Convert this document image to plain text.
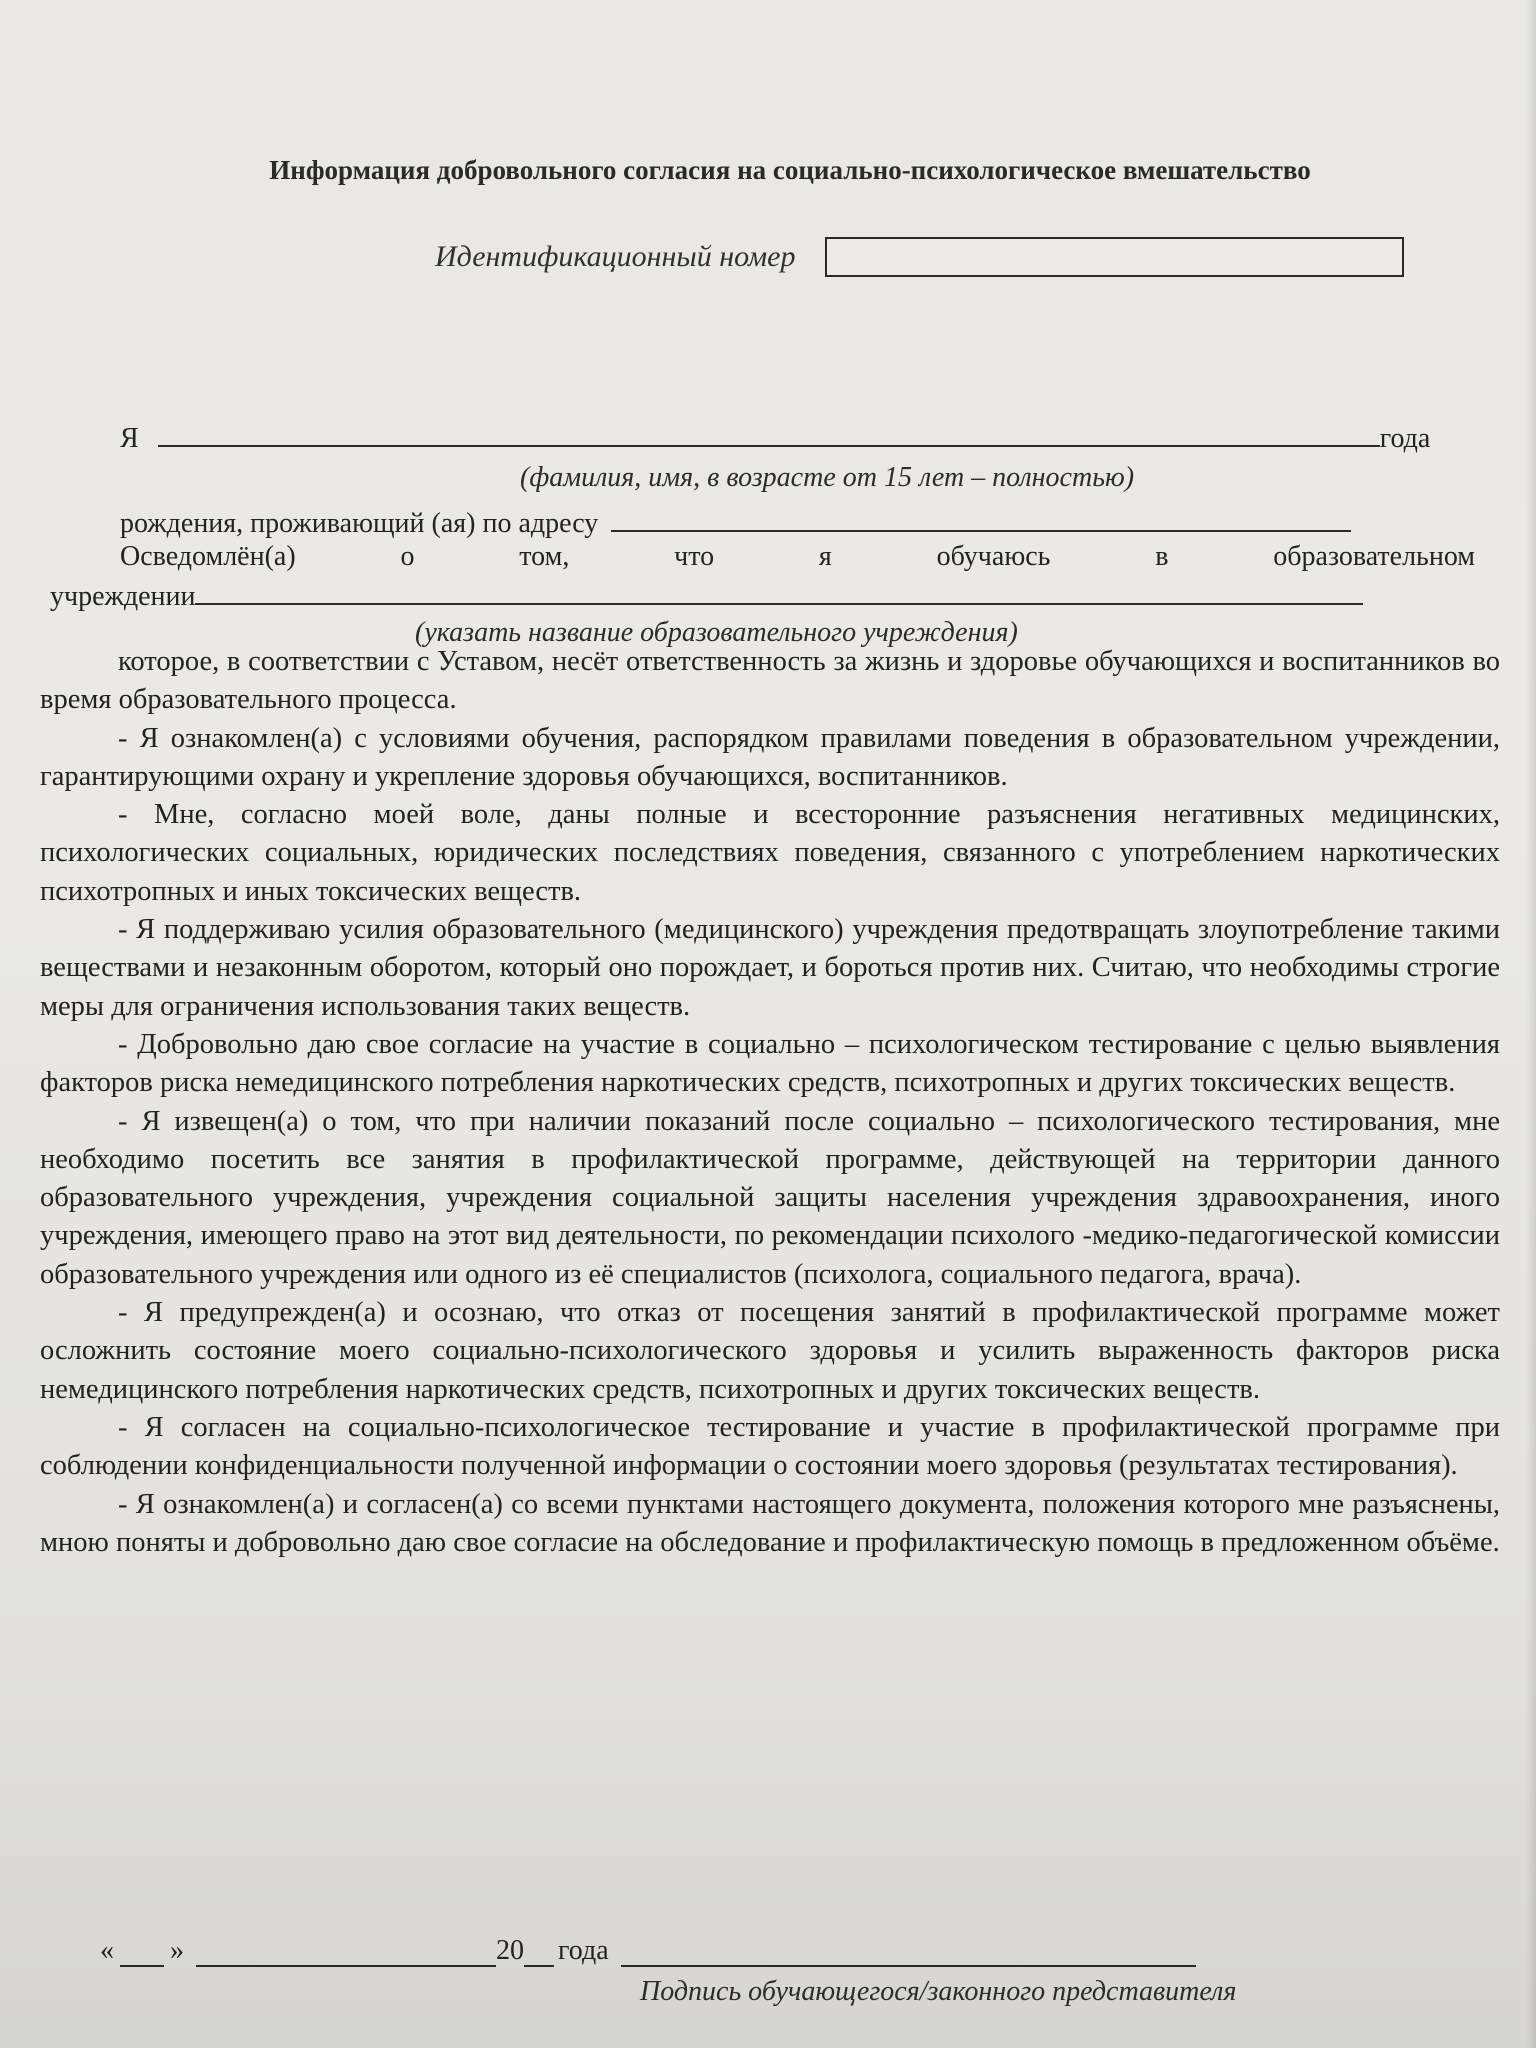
Информация добровольного согласия на социально-психологическое вмешательство
Идентификационный номер
Я	года
(фамилия, имя, в возрасте от 15 лет – полностью)
рождения, проживающий (ая) по адресу
Осведомлён(а)	о	том,	что	я	обучаюсь	в	образовательном
учреждении
(указать название образовательного учреждения)

которое, в соответствии с Уставом, несёт ответственность за жизнь и здоровье обучающихся и воспитанников во время образовательного процесса.

- Я ознакомлен(а) с условиями обучения, распорядком правилами поведения в образовательном учреждении, гарантирующими охрану и укрепление здоровья обучающихся, воспитанников.

- Мне, согласно моей воле, даны полные и всесторонние разъяснения негативных медицинских, психологических социальных, юридических последствиях поведения, связанного с употреблением наркотических психотропных и иных токсических веществ.

- Я поддерживаю усилия образовательного (медицинского) учреждения предотвращать злоупотребление такими веществами и незаконным оборотом, который оно порождает, и бороться против них. Считаю, что необходимы строгие меры для ограничения использования таких веществ.

- Добровольно даю свое согласие на участие в социально – психологическом тестирование с целью выявления факторов риска немедицинского потребления наркотических средств, психотропных и других токсических веществ.

- Я извещен(а) о том, что при наличии показаний после социально – психологического тестирования, мне необходимо посетить все занятия в профилактической программе, действующей на территории данного образовательного учреждения, учреждения социальной защиты населения учреждения здравоохранения, иного учреждения, имеющего право на этот вид деятельности, по рекомендации психолого -медико-педагогической комиссии образовательного учреждения или одного из её специалистов (психолога, социального педагога, врача).

- Я предупрежден(а) и осознаю, что отказ от посещения занятий в профилактической программе может осложнить состояние моего социально-психологического здоровья и усилить выраженность факторов риска немедицинского потребления наркотических средств, психотропных и других токсических веществ.

- Я согласен на социально-психологическое тестирование и участие в профилактической программе при соблюдении конфиденциальности полученной информации о состоянии моего здоровья (результатах тестирования).

- Я ознакомлен(а) и согласен(а) со всеми пунктами настоящего документа, положения которого мне разъяснены, мною поняты и добровольно даю свое согласие на обследование и профилактическую помощь в предложенном объёме.

« »	20 года
Подпись обучающегося/законного представителя
